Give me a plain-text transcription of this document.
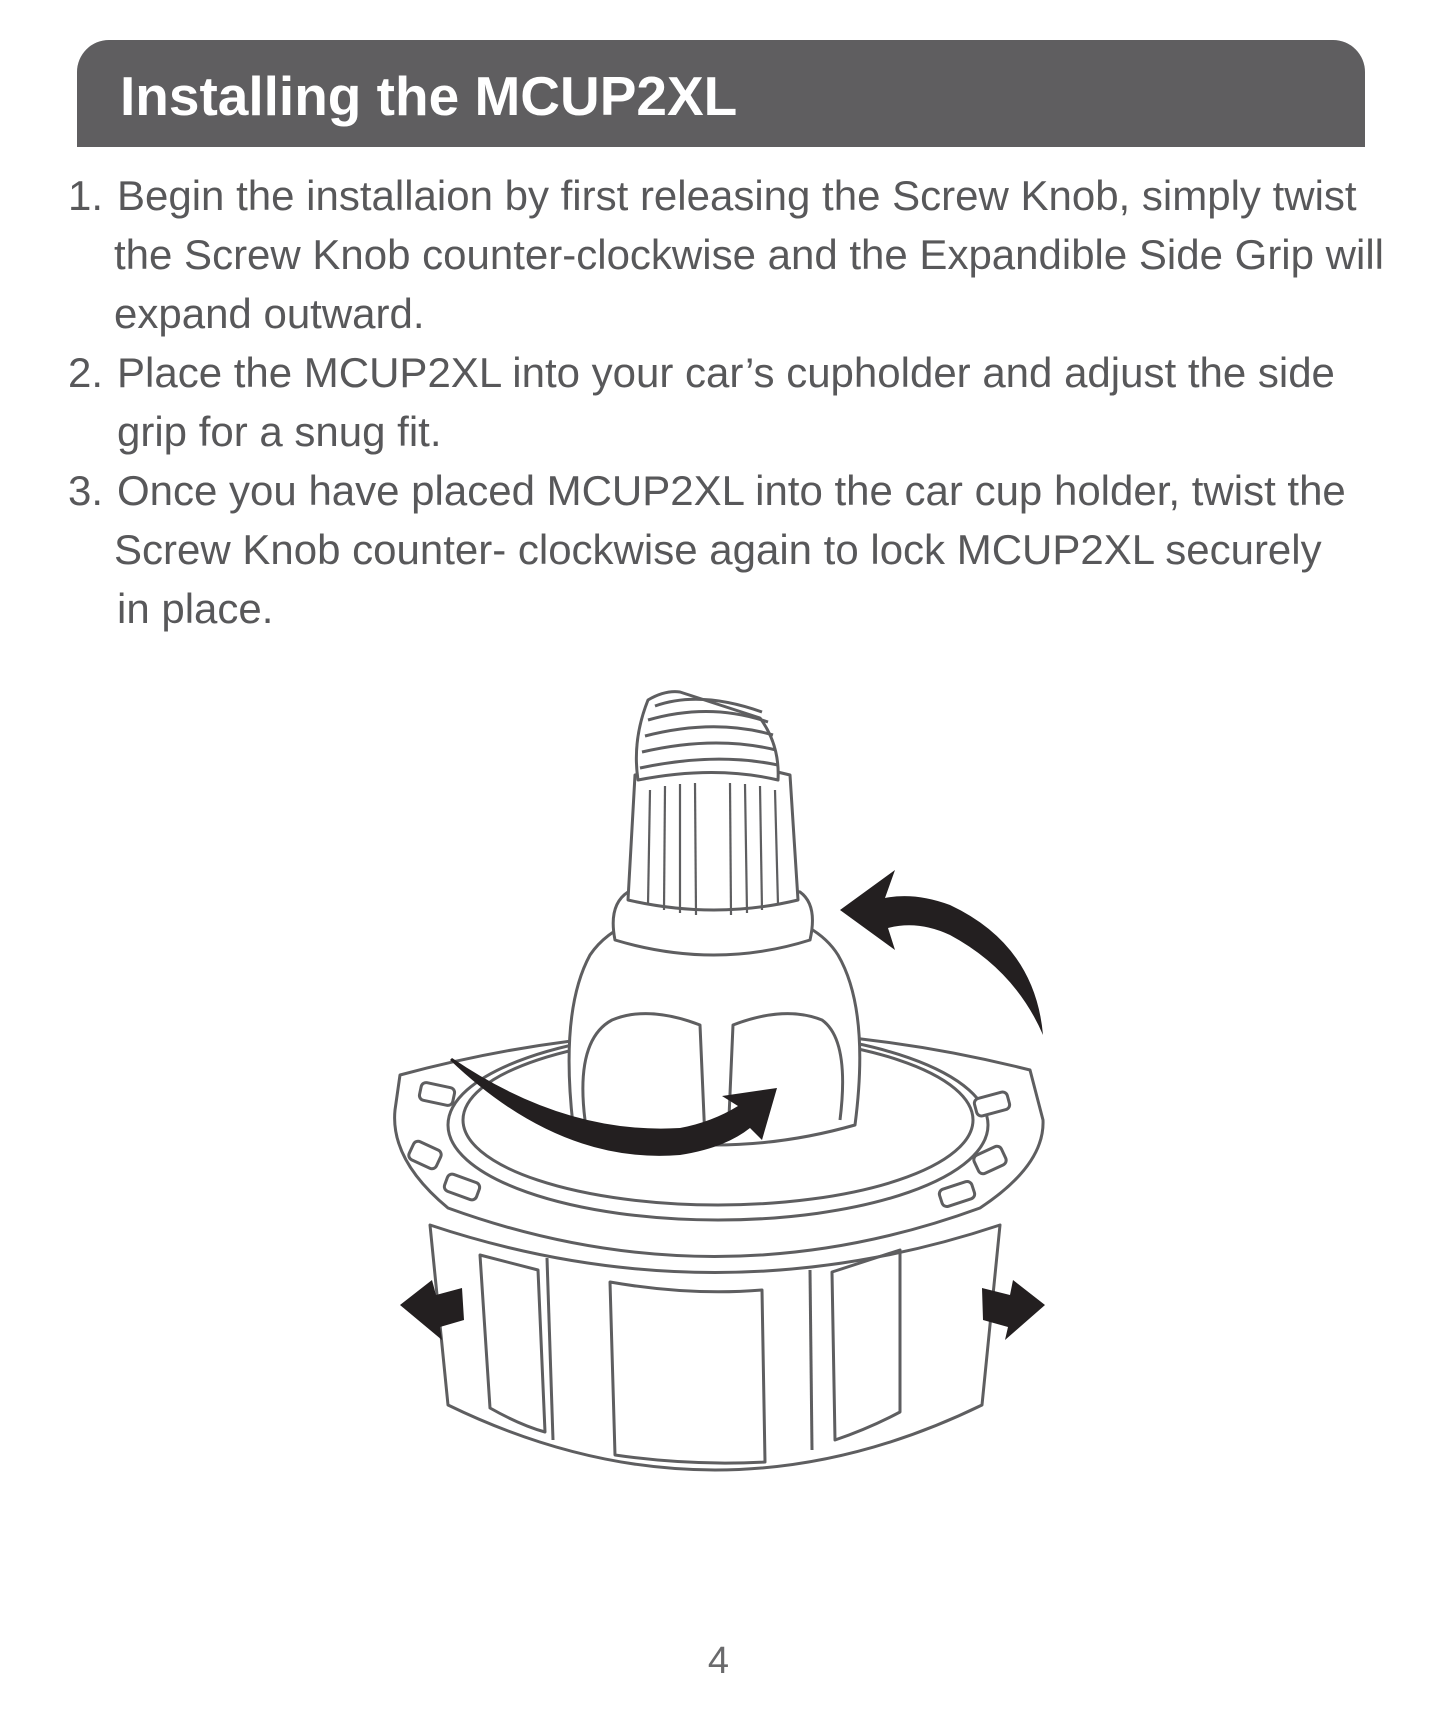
Installing the MCUP2XL
1. Begin the installaion by first releasing the Screw Knob, simply twist
the Screw Knob counter-clockwise and the Expandible Side Grip will
expand outward.
2. Place the MCUP2XL into your car’s cupholder and adjust the side
grip for a snug fit.
3. Once you have placed MCUP2XL into the car cup holder, twist the
Screw Knob counter- clockwise again to lock MCUP2XL securely
in place.
4
